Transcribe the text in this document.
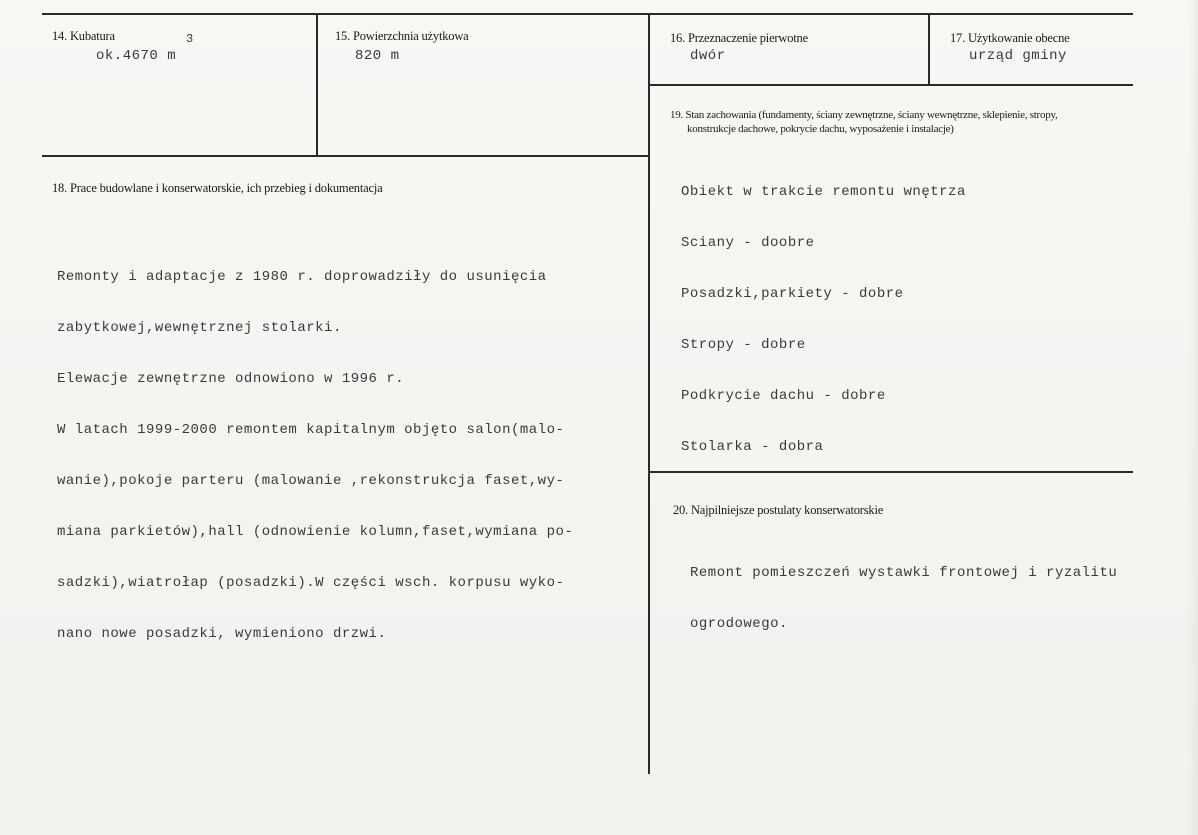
14. Kubatura	3
ok.4670 m
15. Powierzchnia użytkowa
820 m
16. Przeznaczenie pierwotne
dwór
17. Użytkowanie obecne
urząd gminy
19. Stan zachowania (fundamenty, ściany zewnętrzne, ściany wewnętrzne, sklepienie, stropy,
konstrukcje dachowe, pokrycie dachu, wyposażenie i instalacje)

Obiekt w trakcie remontu wnętrza

Sciany - doobre

Posadzki,parkiety - dobre

Stropy - dobre

Podkrycie dachu - dobre

Stolarka - dobra

18. Prace budowlane i konserwatorskie, ich przebieg i dokumentacja

Remonty i adaptacje z 1980 r. doprowadziły do usunięcia

zabytkowej,wewnętrznej stolarki.

Elewacje zewnętrzne odnowiono w 1996 r.

W latach 1999-2000 remontem kapitalnym objęto salon(malo-

wanie),pokoje parteru (malowanie ,rekonstrukcja faset,wy-

miana parkietów),hall (odnowienie kolumn,faset,wymiana po-

sadzki),wiatrołap (posadzki).W części wsch. korpusu wyko-

nano nowe posadzki, wymieniono drzwi.

20. Najpilniejsze postulaty konserwatorskie

Remont pomieszczeń wystawki frontowej i ryzalitu

ogrodowego.
